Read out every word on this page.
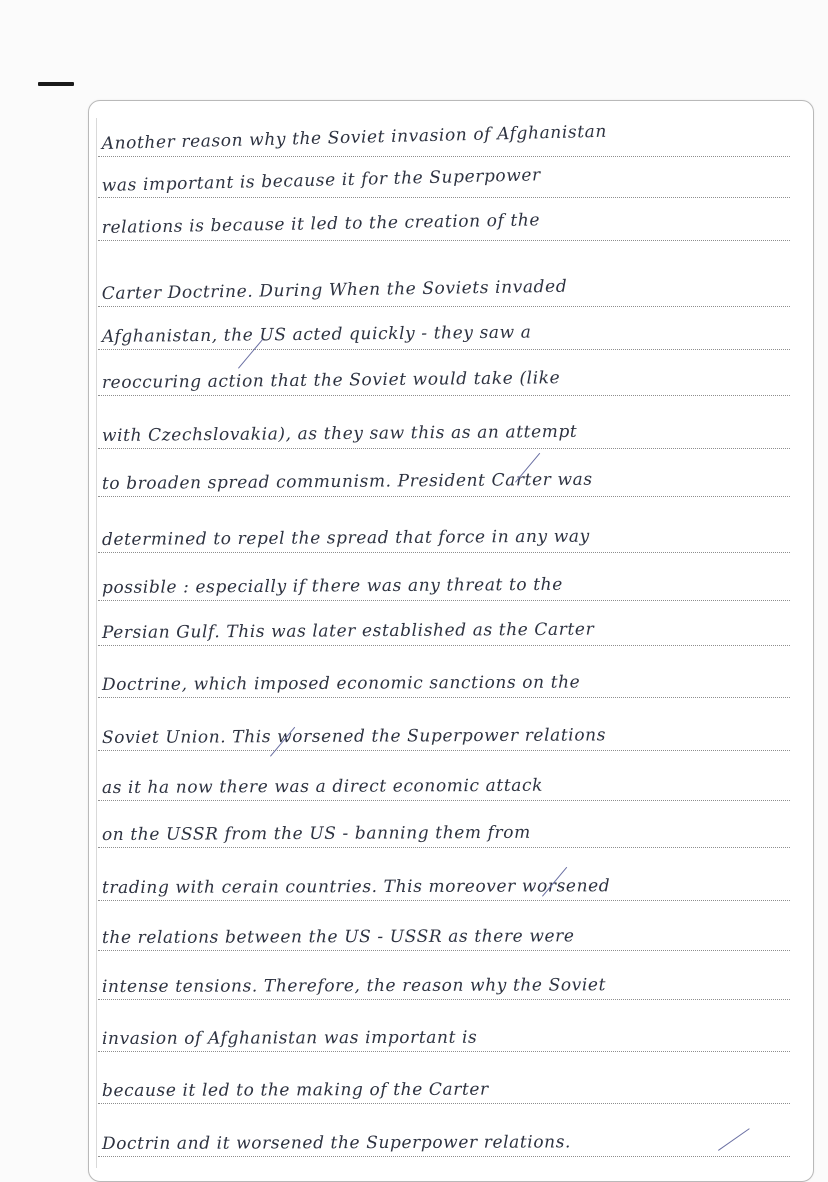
Another reason why the Soviet invasion of Afghanistan
was important is because it for the Superpower
relations is because it led to the creation of the
Carter Doctrine. During When the Soviets invaded
Afghanistan, the US acted quickly - they saw a
reoccuring action that the Soviet would take (like
with Czechslovakia), as they saw this as an attempt
to broaden spread communism. President Carter was
determined to repel the spread that force in any way
possible : especially if there was any threat to the
Persian Gulf. This was later established as the Carter
Doctrine, which imposed economic sanctions on the
Soviet Union. This worsened the Superpower relations
as it ha now there was a direct economic attack
on the USSR from the US - banning them from
trading with cerain countries. This moreover worsened
the relations between the US - USSR as there were
intense tensions. Therefore, the reason why the Soviet
invasion of Afghanistan was important is
because it led to the making of the Carter
Doctrin and it worsened the Superpower relations.
